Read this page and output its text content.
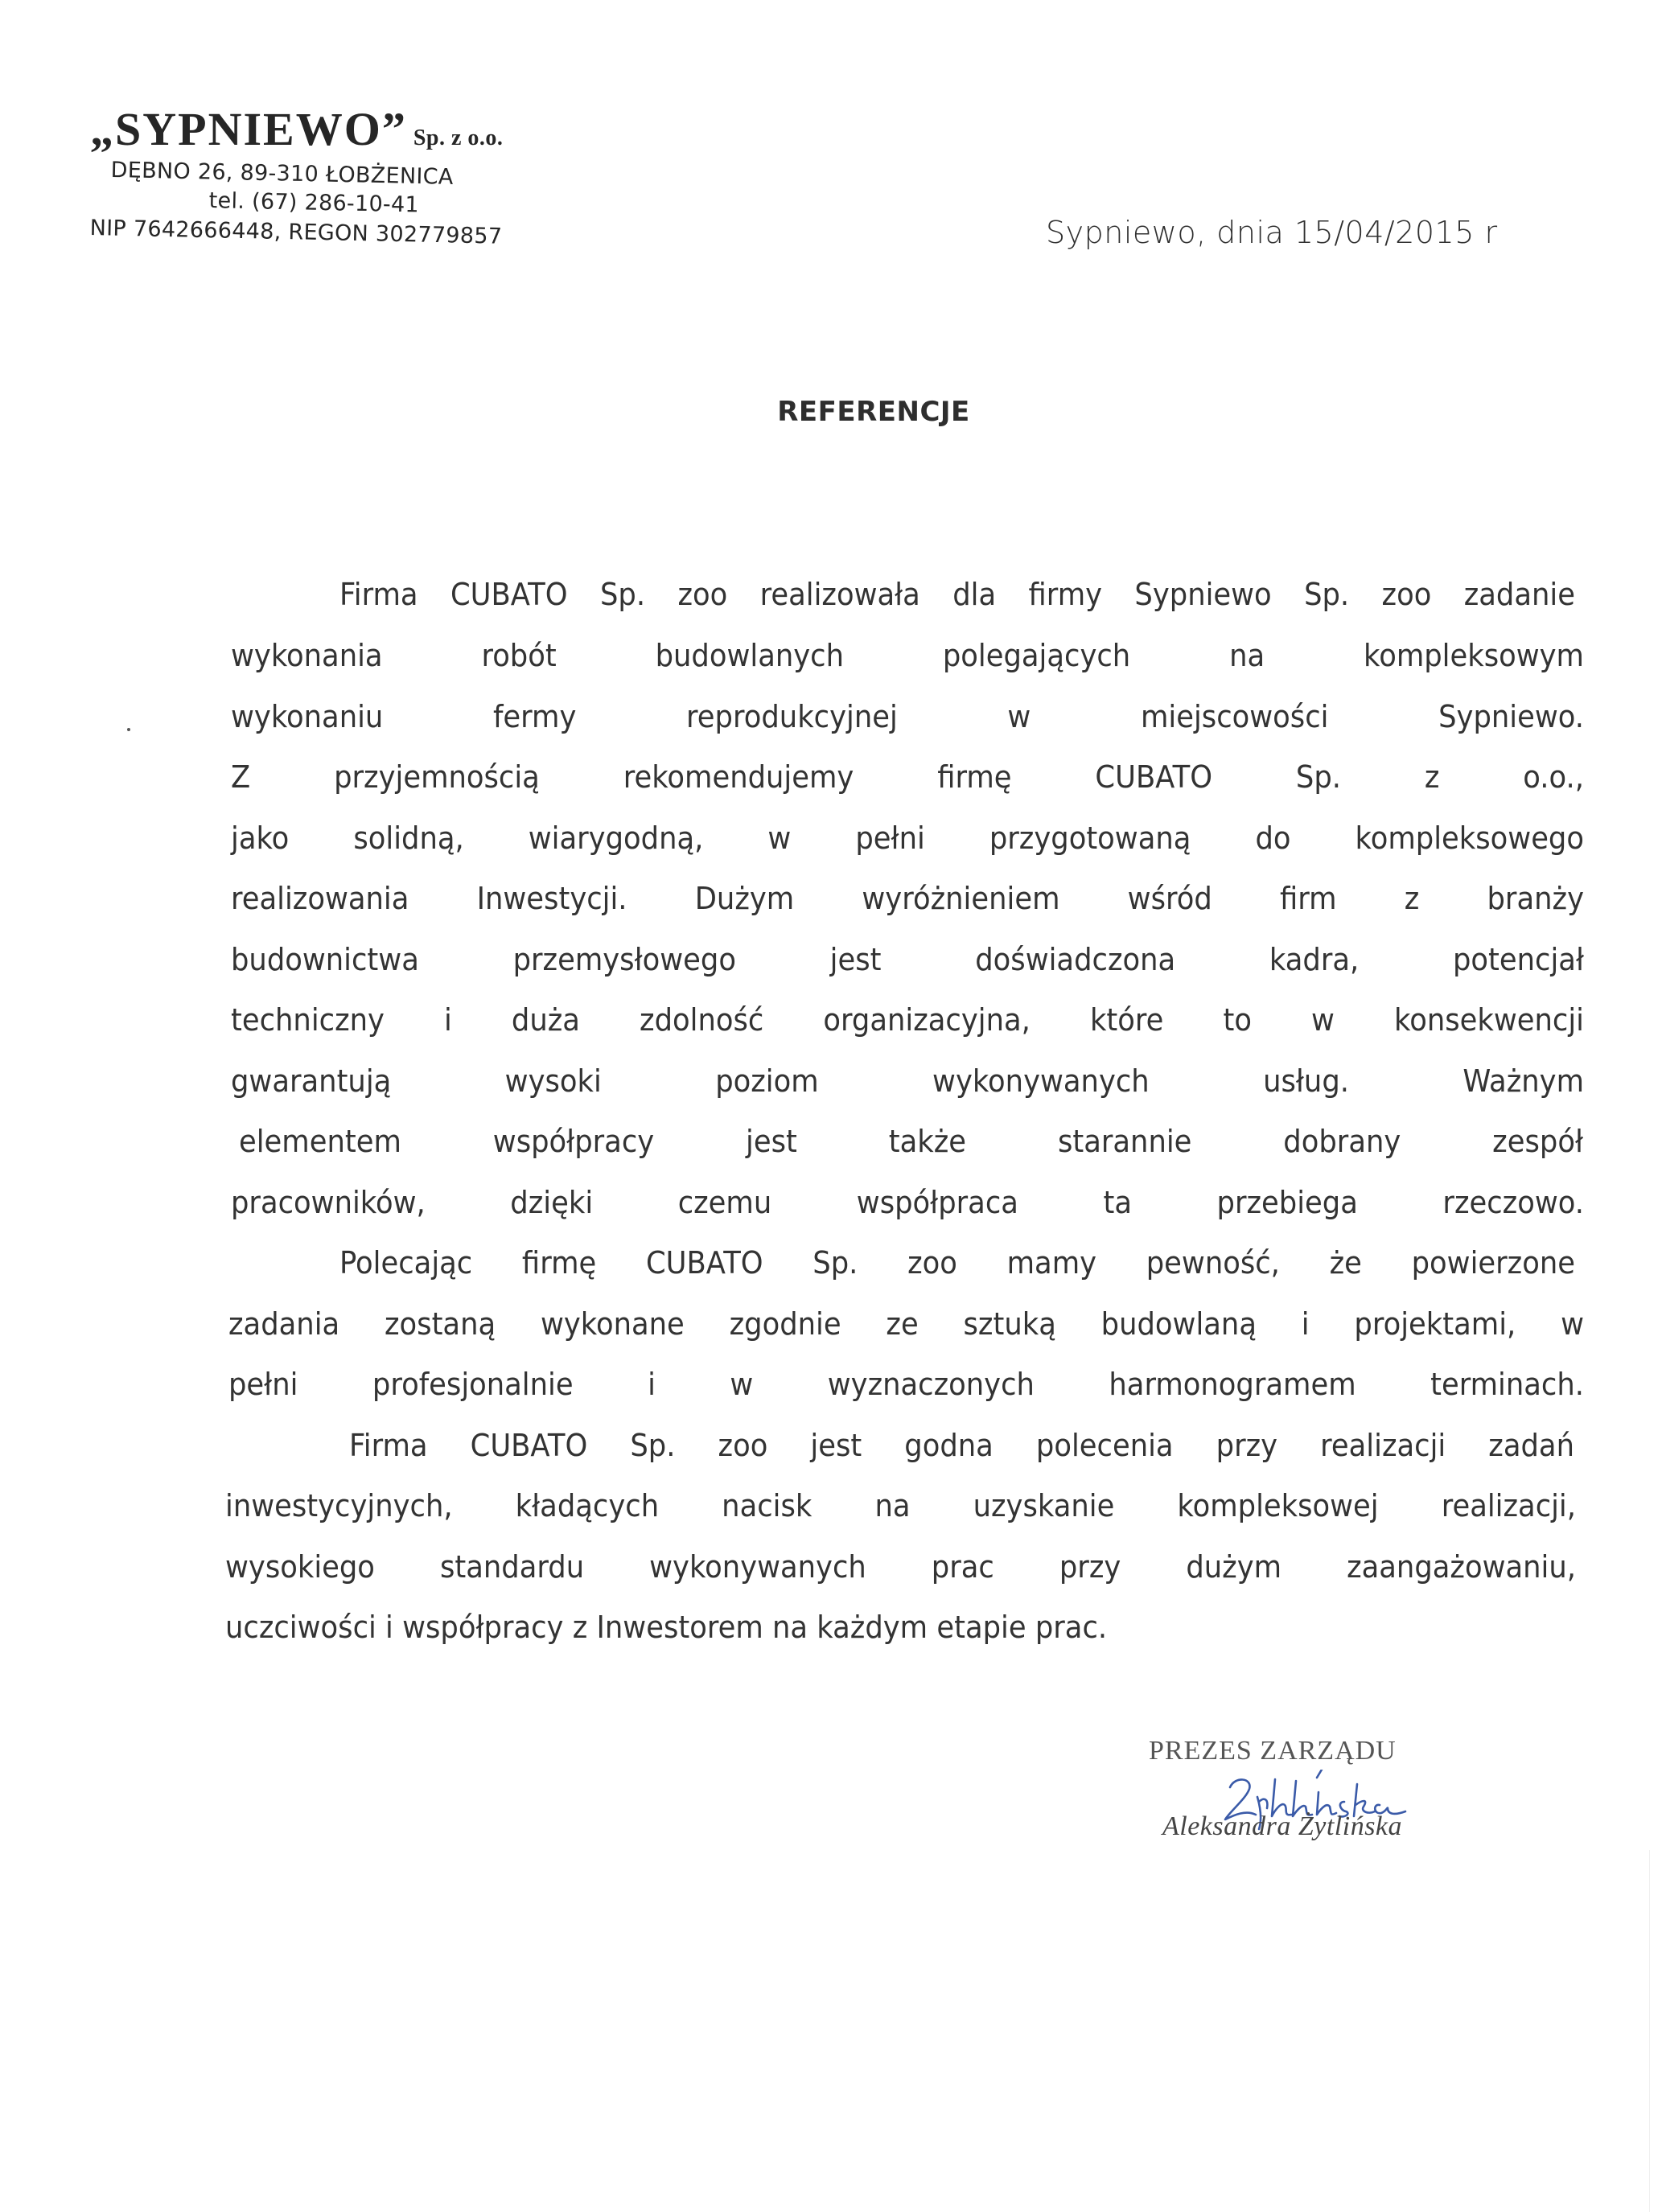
„SYPNIEWO” Sp. z o.o.
DĘBNO 26, 89-310 ŁOBŻENICA
tel. (67) 286-10-41
NIP 7642666448, REGON 302779857	Sypniewo, dnia 15/04/2015 r
REFERENCJE
Firma CUBATO Sp. zoo realizowała dla firmy Sypniewo Sp. zoo zadanie
wykonania robót budowlanych polegających na kompleksowym
wykonaniu fermy reprodukcyjnej w miejscowości Sypniewo.
Z przyjemnością rekomendujemy firmę CUBATO Sp. z o.o.,
jako solidną, wiarygodną, w pełni przygotowaną do kompleksowego
realizowania Inwestycji. Dużym wyróżnieniem wśród firm z branży
budownictwa przemysłowego jest doświadczona kadra, potencjał
techniczny i duża zdolność organizacyjna, które to w konsekwencji
gwarantują wysoki poziom wykonywanych usług. Ważnym
elementem współpracy jest także starannie dobrany zespół
pracowników, dzięki czemu współpraca ta przebiega rzeczowo.
Polecając firmę CUBATO Sp. zoo mamy pewność, że powierzone
zadania zostaną wykonane zgodnie ze sztuką budowlaną i projektami, w
pełni profesjonalnie i w wyznaczonych harmonogramem terminach.
Firma CUBATO Sp. zoo jest godna polecenia przy realizacji zadań
inwestycyjnych, kładących nacisk na uzyskanie kompleksowej realizacji,
wysokiego standardu wykonywanych prac przy dużym zaangażowaniu,
uczciwości i współpracy z Inwestorem na każdym etapie prac.
PREZES ZARZĄDU
Aleksandra Żytlińska
